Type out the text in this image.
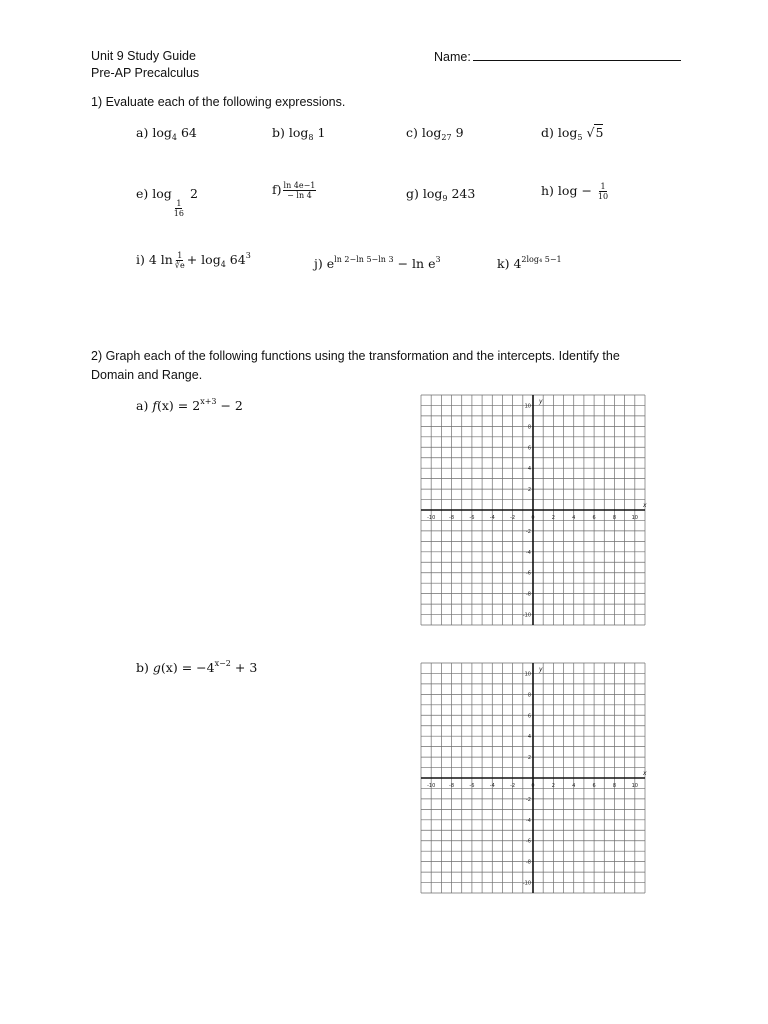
Unit 9 Study Guide
Pre-AP Precalculus
Name:
1) Evaluate each of the following expressions.
a) $\log_4 64$	b) $\log_8 1$	c) $\log_{27} 9$	d) $\log_5 √5$
e) log
$\frac{1}{16}$
2	$f) \frac{\ln 4e-1}{- \ln 4}$	g) $\log_9 243$	h) $\log - \frac{1}{10}$
i) 4 $\ln \frac{1}{∛e} + \log_4 64^3$
j) $e^{ln 2-ln 5-ln 3} - \ln e^3$	k) $4^{2log_4 5-1}$
2) Graph each of the following functions using the transformation and the intercepts. Identify the
Domain and Range.
a) $f(x) = 2^{x+3} - 2$
b) $g(x) = -4^{x-2} + 3$
-10	-8	-6	-4	-2	0	2	4	6	8	10
10
8
6
4
2
-2
-4
-6
-8
-10
y
x
-10	-8	-6	-4	-2	0	2	4	6	8	10
10
8
6
4
2
-2
-4
-6
-8
-10
y
x
